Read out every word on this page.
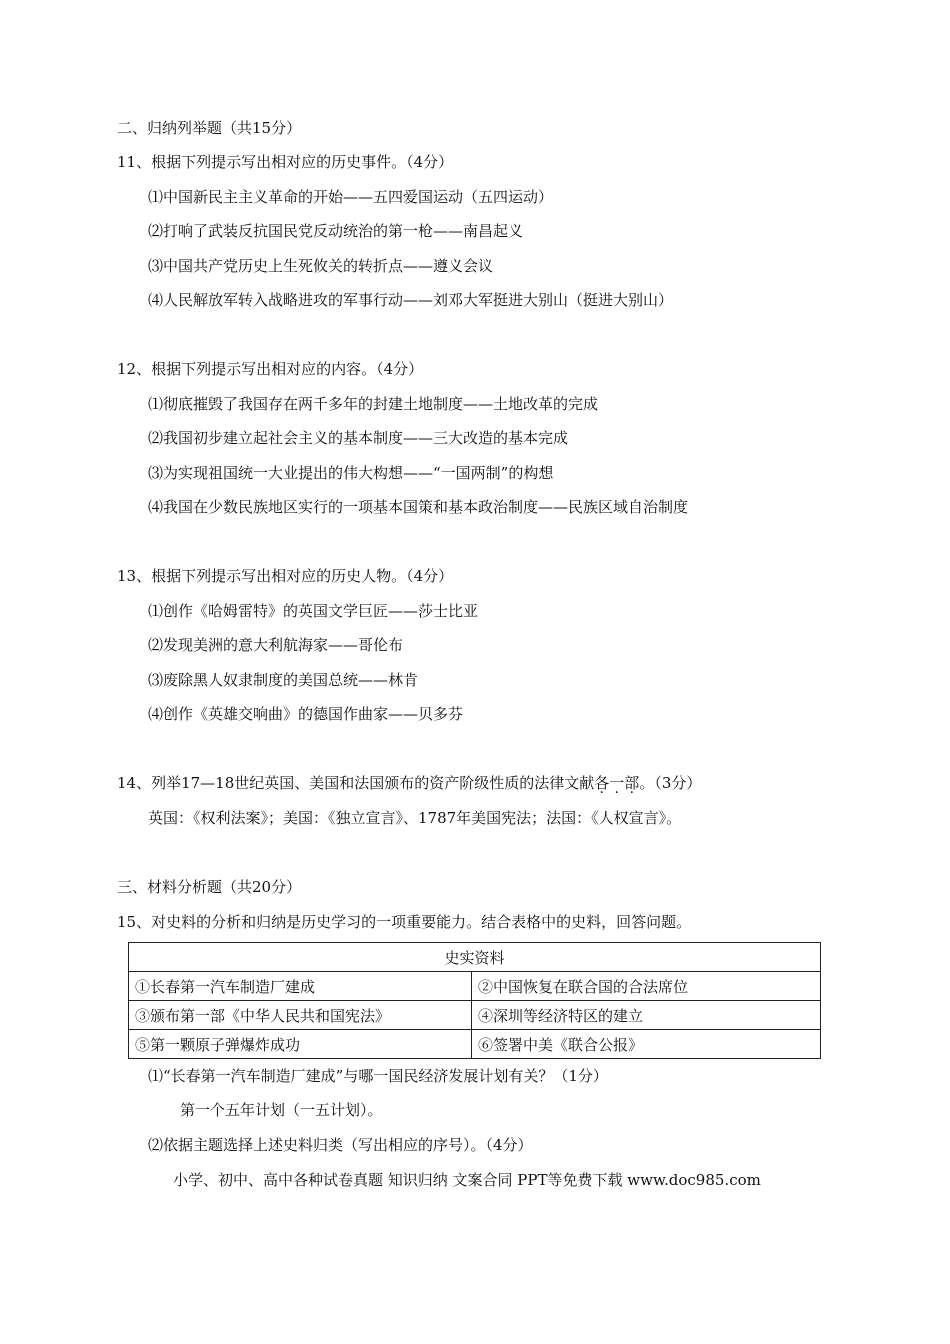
二、归纳列举题（共15分）
11、根据下列提示写出相对应的历史事件。（4分）
⑴中国新民主主义革命的开始——五四爱国运动（五四运动）
⑵打响了武装反抗国民党反动统治的第一枪——南昌起义
⑶中国共产党历史上生死攸关的转折点——遵义会议
⑷人民解放军转入战略进攻的军事行动——刘邓大军挺进大别山（挺进大别山）
12、根据下列提示写出相对应的内容。（4分）
⑴彻底摧毁了我国存在两千多年的封建土地制度——土地改革的完成
⑵我国初步建立起社会主义的基本制度——三大改造的基本完成
⑶为实现祖国统一大业提出的伟大构想——“一国两制”的构想
⑷我国在少数民族地区实行的一项基本国策和基本政治制度——民族区域自治制度
13、根据下列提示写出相对应的历史人物。（4分）
⑴创作《哈姆雷特》的英国文学巨匠——莎士比亚
⑵发现美洲的意大利航海家——哥伦布
⑶废除黑人奴隶制度的美国总统——林肯
⑷创作《英雄交响曲》的德国作曲家——贝多芬
14、列举17—18世纪英国、美国和法国颁布的资产阶级性质的法律文献各一部。（3分）
英国：《权利法案》；美国：《独立宣言》、1787年美国宪法；法国：《人权宣言》。
三、材料分析题（共20分）
15、对史料的分析和归纳是历史学习的一项重要能力。结合表格中的史料，回答问题。
史实资料	
①长春第一汽车制造厂建成	②中国恢复在联合国的合法席位
③颁布第一部《中华人民共和国宪法》	④深圳等经济特区的建立
⑤第一颗原子弹爆炸成功	⑥签署中美《联合公报》
⑴“长春第一汽车制造厂建成”与哪一国民经济发展计划有关？（1分）
第一个五年计划（一五计划）。
⑵依据主题选择上述史料归类（写出相应的序号）。（4分）
小学、初中、高中各种试卷真题 知识归纳 文案合同 PPT等免费下载 www.doc985.com
